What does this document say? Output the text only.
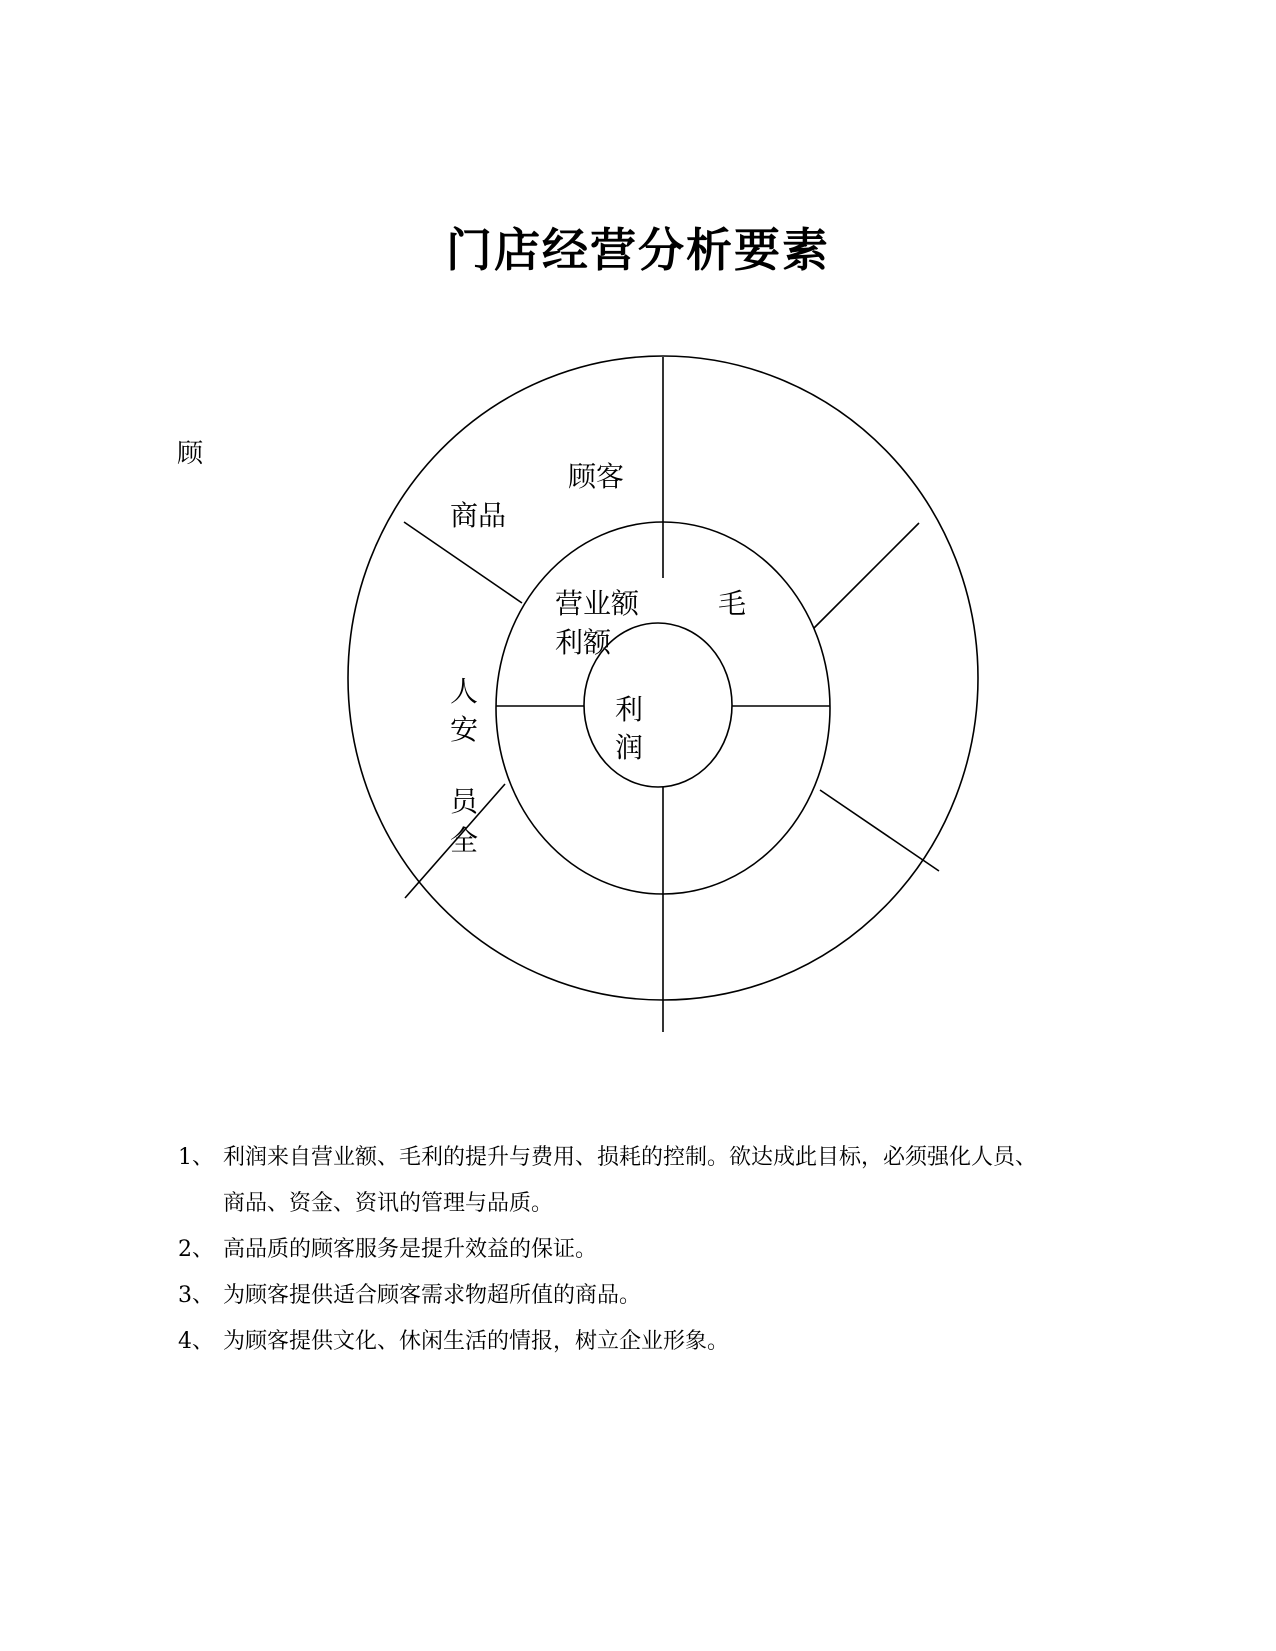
门店经营分析要素
顾
顾客
商品
营业额	毛
利额
人
安
员
全
利
润
1、 利润来自营业额、毛利的提升与费用、损耗的控制。欲达成此目标，必须强化人员、商品、资金、资讯的管理与品质。
2、 高品质的顾客服务是提升效益的保证。
3、 为顾客提供适合顾客需求物超所值的商品。
4、 为顾客提供文化、休闲生活的情报，树立企业形象。
